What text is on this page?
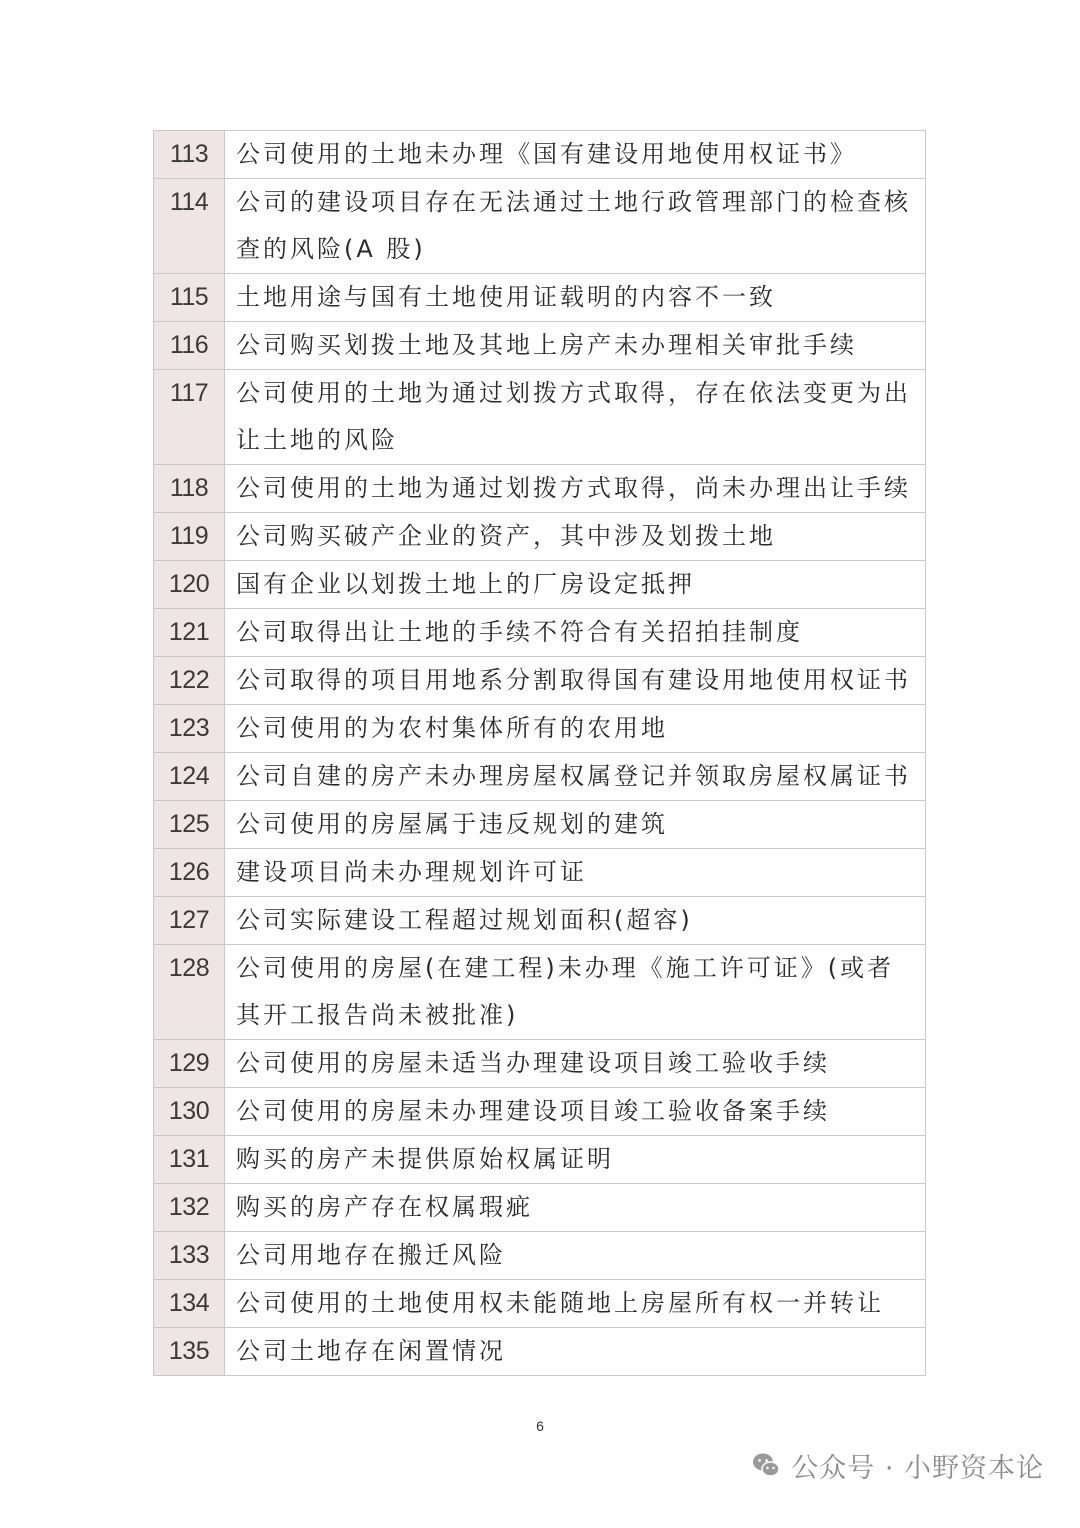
113	公司使用的土地未办理《国有建设用地使用权证书》
114	公司的建设项目存在无法通过土地行政管理部门的检查核查的风险(A 股)
115	土地用途与国有土地使用证载明的内容不一致
116	公司购买划拨土地及其地上房产未办理相关审批手续
117	公司使用的土地为通过划拨方式取得，存在依法变更为出让土地的风险
118	公司使用的土地为通过划拨方式取得，尚未办理出让手续
119	公司购买破产企业的资产，其中涉及划拨土地
120	国有企业以划拨土地上的厂房设定抵押
121	公司取得出让土地的手续不符合有关招拍挂制度
122	公司取得的项目用地系分割取得国有建设用地使用权证书
123	公司使用的为农村集体所有的农用地
124	公司自建的房产未办理房屋权属登记并领取房屋权属证书
125	公司使用的房屋属于违反规划的建筑
126	建设项目尚未办理规划许可证
127	公司实际建设工程超过规划面积(超容)
128	公司使用的房屋(在建工程)未办理《施工许可证》(或者其开工报告尚未被批准)
129	公司使用的房屋未适当办理建设项目竣工验收手续
130	公司使用的房屋未办理建设项目竣工验收备案手续
131	购买的房产未提供原始权属证明
132	购买的房产存在权属瑕疵
133	公司用地存在搬迁风险
134	公司使用的土地使用权未能随地上房屋所有权一并转让
135	公司土地存在闲置情况
6
公众号 · 小野资本论
